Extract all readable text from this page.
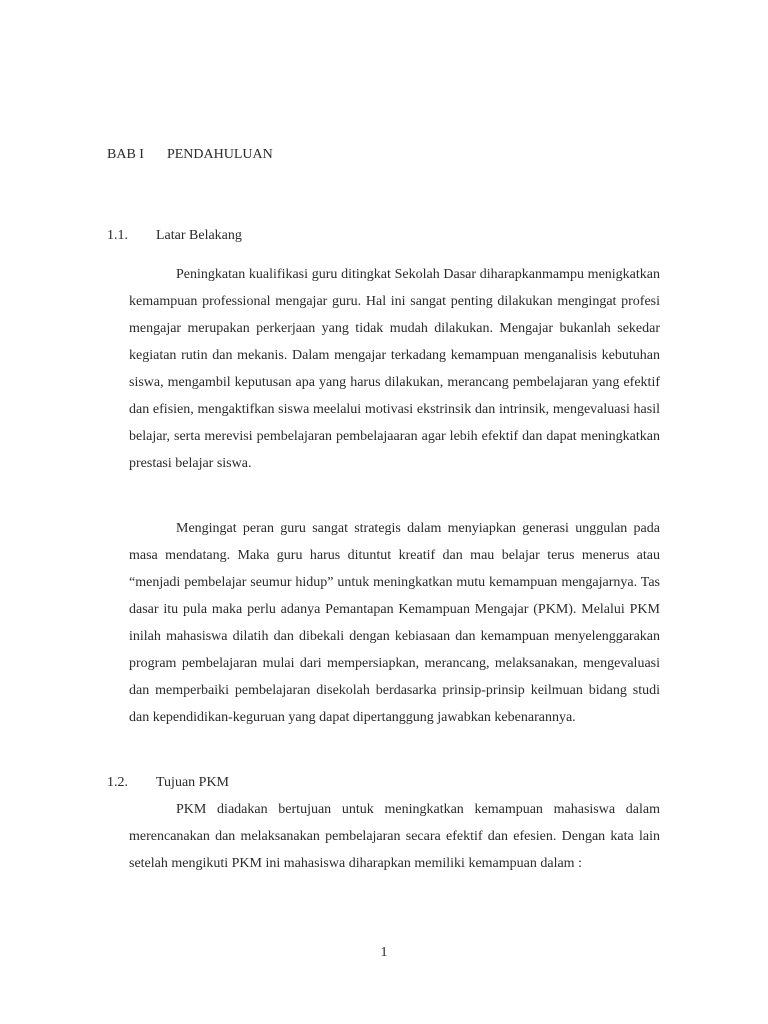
BAB I PENDAHULUAN
1.1. Latar Belakang

Peningkatan kualifikasi guru ditingkat Sekolah Dasar diharapkanmampu menigkatkan kemampuan professional mengajar guru. Hal ini sangat penting dilakukan mengingat profesi mengajar merupakan perkerjaan yang tidak mudah dilakukan. Mengajar bukanlah sekedar kegiatan rutin dan mekanis. Dalam mengajar terkadang kemampuan menganalisis kebutuhan siswa, mengambil keputusan apa yang harus dilakukan, merancang pembelajaran yang efektif dan efisien, mengaktifkan siswa meelalui motivasi ekstrinsik dan intrinsik, mengevaluasi hasil belajar, serta merevisi pembelajaran pembelajaaran agar lebih efektif dan dapat meningkatkan prestasi belajar siswa.

Mengingat peran guru sangat strategis dalam menyiapkan generasi unggulan pada masa mendatang. Maka guru harus dituntut kreatif dan mau belajar terus menerus atau “menjadi pembelajar seumur hidup” untuk meningkatkan mutu kemampuan mengajarnya. Tas dasar itu pula maka perlu adanya Pemantapan Kemampuan Mengajar (PKM). Melalui PKM inilah mahasiswa dilatih dan dibekali dengan kebiasaan dan kemampuan menyelenggarakan program pembelajaran mulai dari mempersiapkan, merancang, melaksanakan, mengevaluasi dan memperbaiki pembelajaran disekolah berdasarka prinsip-prinsip keilmuan bidang studi dan kependidikan-keguruan yang dapat dipertanggung jawabkan kebenarannya.

1.2. Tujuan PKM

PKM diadakan bertujuan untuk meningkatkan kemampuan mahasiswa dalam merencanakan dan melaksanakan pembelajaran secara efektif dan efesien. Dengan kata lain setelah mengikuti PKM ini mahasiswa diharapkan memiliki kemampuan dalam :

1
